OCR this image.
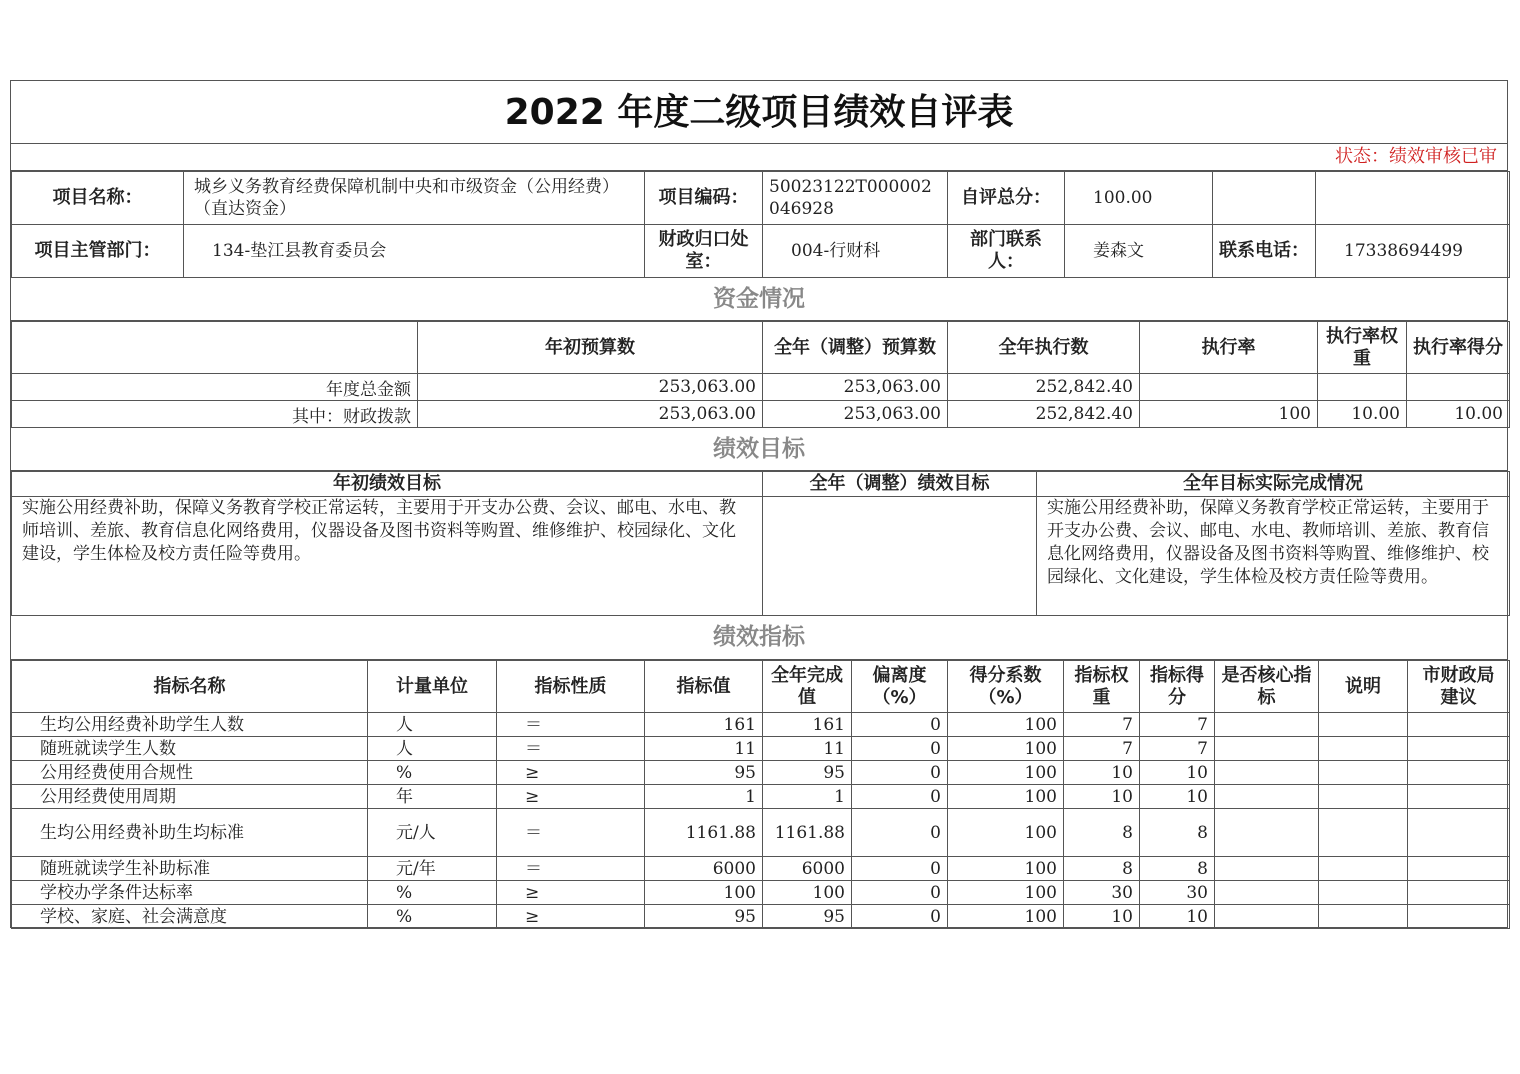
2022 年度二级项目绩效自评表
状态：绩效审核已审
项目名称：	城乡义务教育经费保障机制中央和市级资金（公用经费）（直达资金）	项目编码：	50023122T000002046928	自评总分：	100.00		
项目主管部门：	134-垫江县教育委员会	财政归口处室：	004-行财科	部门联系人：	姜森文	联系电话：	17338694499
资金情况
	年初预算数	全年（调整）预算数	全年执行数	执行率	执行率权重	执行率得分
年度总金额	253,063.00	253,063.00	252,842.40			
其中：财政拨款	253,063.00	253,063.00	252,842.40	100	10.00	10.00
绩效目标
年初绩效目标	全年（调整）绩效目标	全年目标实际完成情况
实施公用经费补助，保障义务教育学校正常运转，主要用于开支办公费、会议、邮电、水电、教师培训、差旅、教育信息化网络费用，仪器设备及图书资料等购置、维修维护、校园绿化、文化建设，学生体检及校方责任险等费用。		实施公用经费补助，保障义务教育学校正常运转，主要用于开支办公费、会议、邮电、水电、教师培训、差旅、教育信息化网络费用，仪器设备及图书资料等购置、维修维护、校园绿化、文化建设，学生体检及校方责任险等费用。
绩效指标
指标名称	计量单位	指标性质	指标值	全年完成值	偏离度（%）	得分系数（%）	指标权重	指标得分	是否核心指标	说明	市财政局建议
生均公用经费补助学生人数	人	＝	161	161	0	100	7	7			
随班就读学生人数	人	＝	11	11	0	100	7	7			
公用经费使用合规性	%	≥	95	95	0	100	10	10			
公用经费使用周期	年	≥	1	1	0	100	10	10			
生均公用经费补助生均标准	元/人	＝	1161.88	1161.88	0	100	8	8			
随班就读学生补助标准	元/年	＝	6000	6000	0	100	8	8			
学校办学条件达标率	%	≥	100	100	0	100	30	30			
学校、家庭、社会满意度	%	≥	95	95	0	100	10	10			
